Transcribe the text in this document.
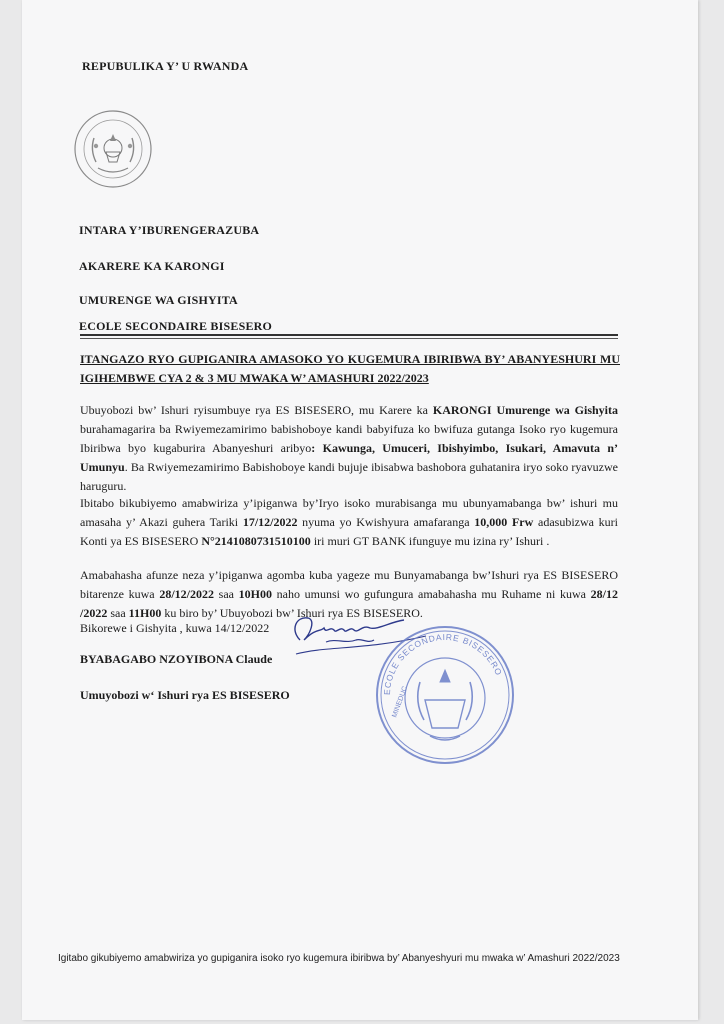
REPUBULIKA Y’ U RWANDA
INTARA Y’IBURENGERAZUBA
AKARERE KA KARONGI
UMURENGE WA GISHYITA
ECOLE SECONDAIRE BISESERO
ITANGAZO RYO GUPIGANIRA AMASOKO YO KUGEMURA IBIRIBWA BY’ ABANYESHURI MU IGIHEMBWE CYA 2 & 3 MU MWAKA W’ AMASHURI 2022/2023
Ubuyobozi bw’ Ishuri ryisumbuye rya ES BISESERO, mu Karere ka KARONGI Umurenge wa Gishyita burahamagarira ba Rwiyemezamirimo babishoboye kandi babyifuza ko bwifuza gutanga Isoko ryo kugemura Ibiribwa byo kugaburira Abanyeshuri aribyo: Kawunga, Umuceri, Ibishyimbo, Isukari, Amavuta n’ Umunyu. Ba Rwiyemezamirimo Babishoboye kandi bujuje ibisabwa bashobora guhatanira iryo soko ryavuzwe haruguru.
Ibitabo bikubiyemo amabwiriza y’ipiganwa by’Iryo isoko murabisanga mu ubunyamabanga bw’ ishuri mu amasaha y’ Akazi guhera Tariki 17/12/2022 nyuma yo Kwishyura amafaranga 10,000 Frw adasubizwa kuri Konti ya ES BISESERO N°2141080731510100 iri muri GT BANK ifunguye mu izina ry’ Ishuri .
Amabahasha afunze neza y’ipiganwa agomba kuba yageze mu Bunyamabanga bw’Ishuri rya ES BISESERO bitarenze kuwa 28/12/2022 saa 10H00 naho umunsi wo gufungura amabahasha mu Ruhame ni kuwa 28/12 /2022 saa 11H00 ku biro by’ Ubuyobozi bw’ Ishuri rya ES BISESERO.
Bikorewe i Gishyita , kuwa 14/12/2022
ECOLE SECONDAIRE BISESERO
MINEDUC
BYABAGABO NZOYIBONA Claude
Umuyobozi w‘ Ishuri rya ES BISESERO
Igitabo gikubiyemo amabwiriza yo gupiganira isoko ryo kugemura ibiribwa by’ Abanyeshyuri mu mwaka w’ Amashuri 2022/2023
